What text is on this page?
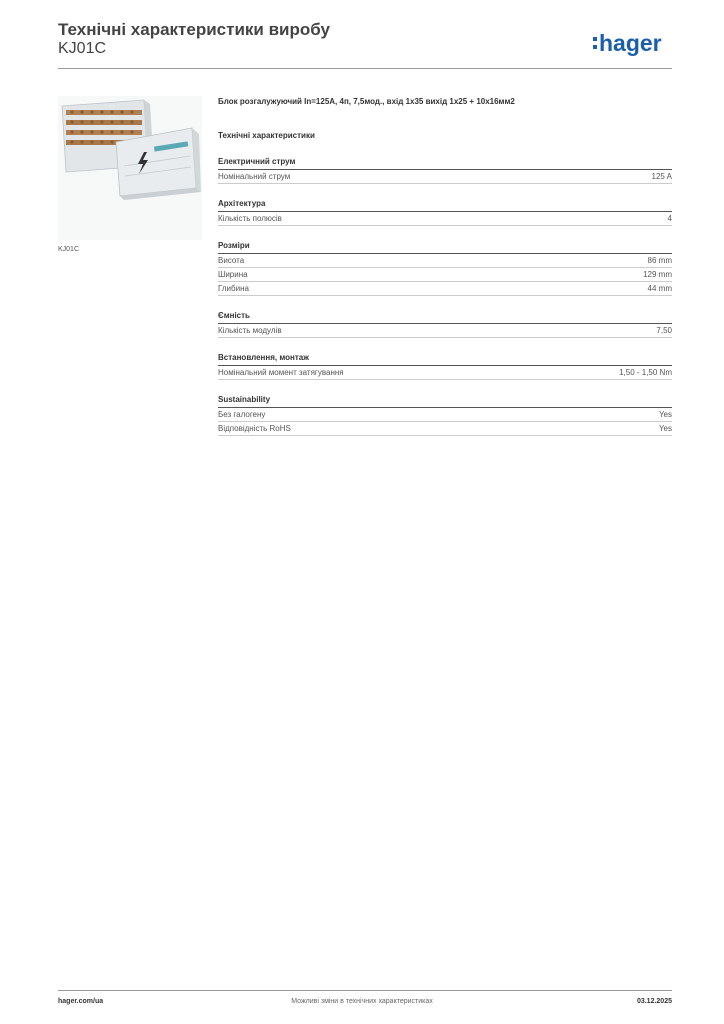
Технічні характеристики виробу
KJ01C	hager
KJ01C
Блок розгалужуючий In=125A, 4п, 7,5мод., вхід 1x35 вихід 1x25 + 10x16мм2
Технічні характеристики
Електричний струм
Номінальний струм	125 A
Архітектура
Кількість полюсів	4
Розміри
Висота	86 mm
Ширина	129 mm
Глибина	44 mm
Ємність
Кількість модулів	7,50
Встановлення, монтаж
Номінальний момент затягування	1,50 - 1,50 Nm
Sustainability
Без галогену	Yes
Відповідність RoHS	Yes
hager.com/ua	Можливі зміни в технічних характеристиках	03.12.2025
